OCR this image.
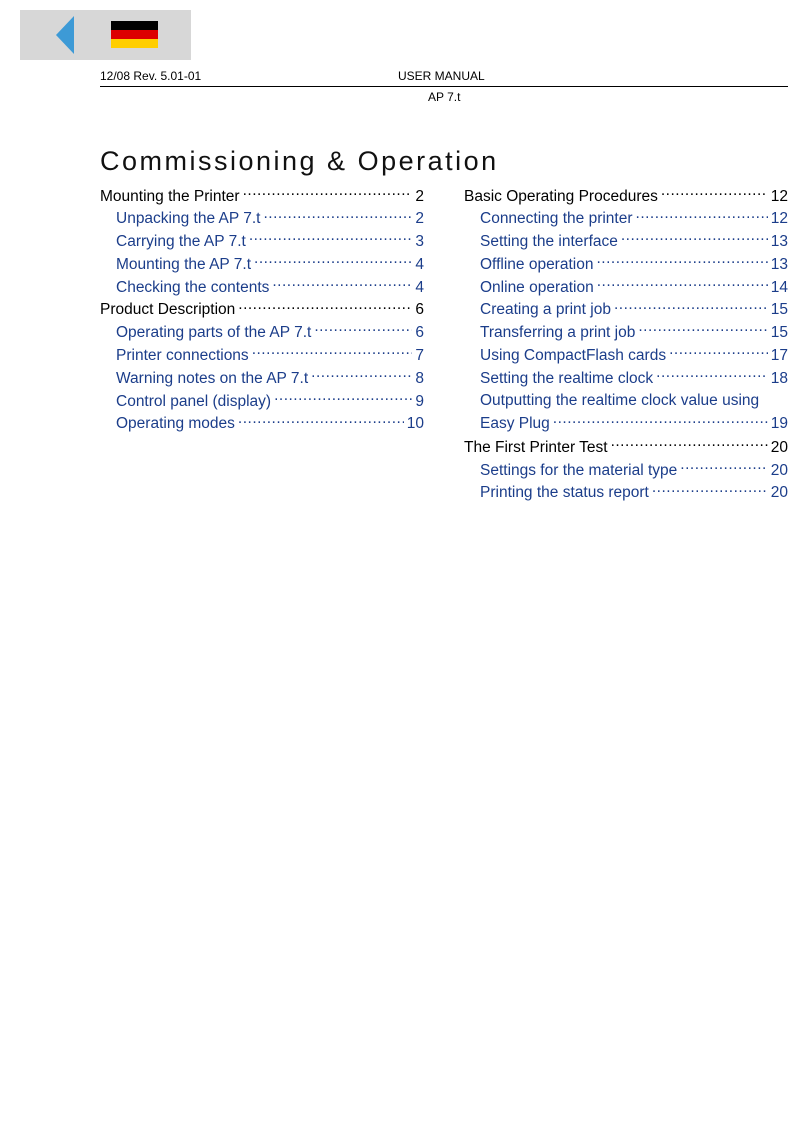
12/08 Rev. 5.01-01	USER MANUAL
AP 7.t
Commissioning & Operation
Mounting the Printer .....	2
Unpacking the AP 7.t .....	2
Carrying the AP 7.t .....	3
Mounting the AP 7.t .....	4
Checking the contents .....	4
Product Description .....	6
Operating parts of the AP 7.t .....	6
Printer connections .....	7
Warning notes on the AP 7.t .....	8
Control panel (display) .....	9
Operating modes .....	10
Basic Operating Procedures .....	12
Connecting the printer .....	12
Setting the interface .....	13
Offline operation .....	13
Online operation .....	14
Creating a print job .....	15
Transferring a print job .....	15
Using CompactFlash cards .....	17
Setting the realtime clock .....	18
Outputting the realtime clock value using
Easy Plug .....	19
The First Printer Test .....	20
Settings for the material type .....	20
Printing the status report .....	20
